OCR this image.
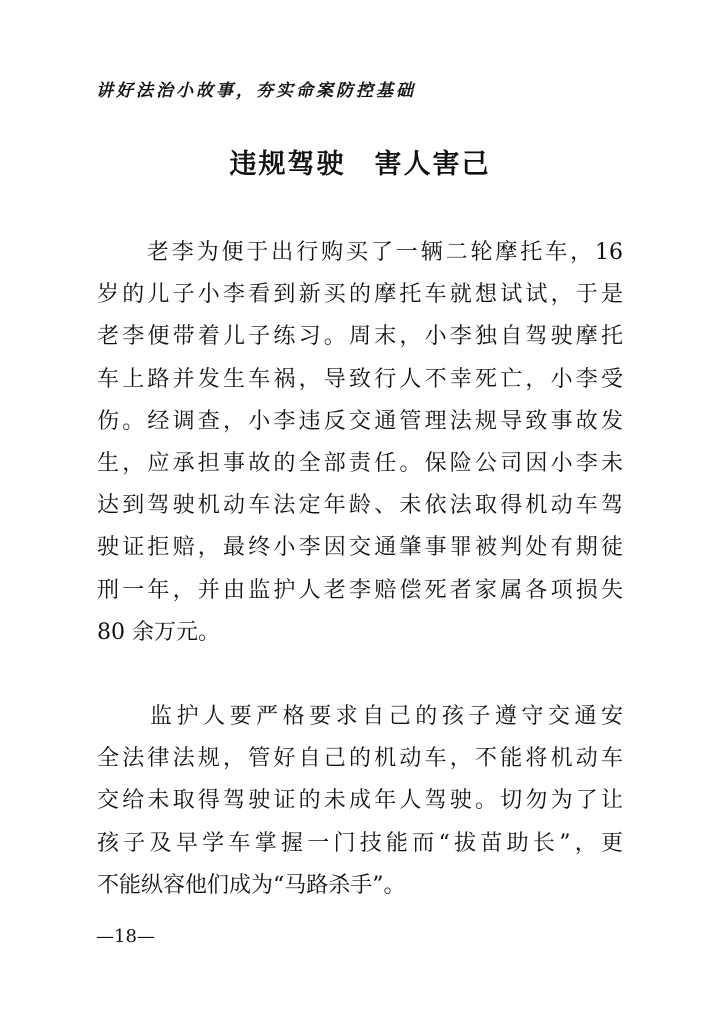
讲好法治小故事，夯实命案防控基础
违规驾驶　害人害己
　　老李为便于出行购买了一辆二轮摩托车，16
岁的儿子小李看到新买的摩托车就想试试，于是
老李便带着儿子练习。周末，小李独自驾驶摩托
车上路并发生车祸，导致行人不幸死亡，小李受
伤。经调查，小李违反交通管理法规导致事故发
生，应承担事故的全部责任。保险公司因小李未
达到驾驶机动车法定年龄、未依法取得机动车驾
驶证拒赔，最终小李因交通肇事罪被判处有期徒
刑一年，并由监护人老李赔偿死者家属各项损失
80 余万元。
　　监护人要严格要求自己的孩子遵守交通安
全法律法规，管好自己的机动车，不能将机动车
交给未取得驾驶证的未成年人驾驶。切勿为了让
孩子及早学车掌握一门技能而“拔苗助长”，更
不能纵容他们成为“马路杀手”。
—18—
